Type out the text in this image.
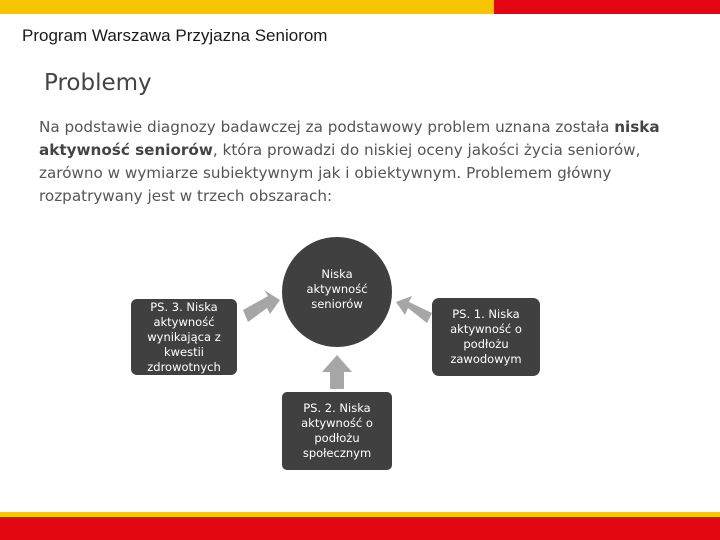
Program Warszawa Przyjazna Seniorom
Problemy
Na podstawie diagnozy badawczej za podstawowy problem uznana została niska aktywność seniorów, która prowadzi do niskiej oceny jakości życia seniorów, zarówno w wymiarze subiektywnym jak i obiektywnym. Problemem główny rozpatrywany jest w trzech obszarach:
Niska
aktywność
seniorów
PS. 3. Niska
aktywność
wynikająca z
kwestii
zdrowotnych
PS. 1. Niska
aktywność o
podłożu
zawodowym
PS. 2. Niska
aktywność o
podłożu
społecznym
